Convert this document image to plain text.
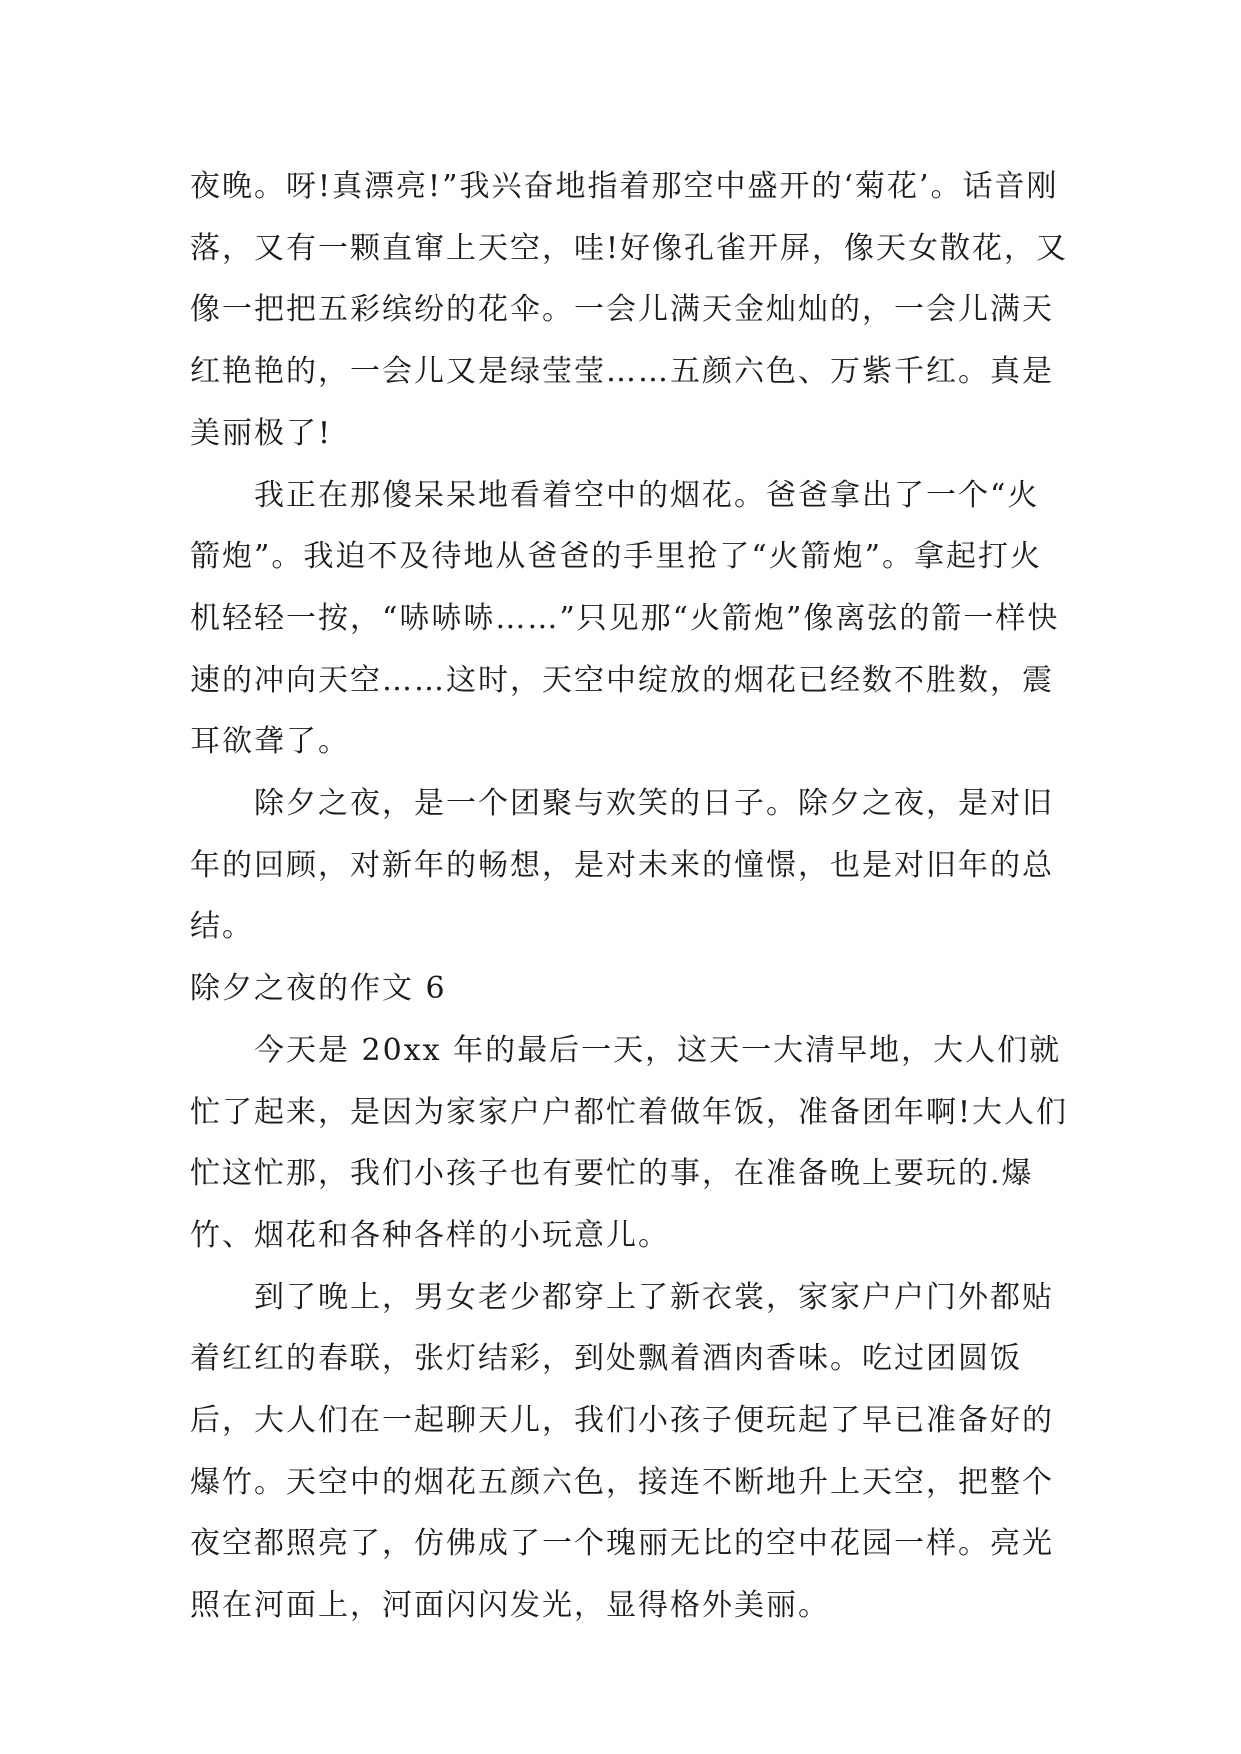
夜晚。呀!真漂亮!”我兴奋地指着那空中盛开的‘菊花’。话音刚落，又有一颗直窜上天空，哇!好像孔雀开屏，像天女散花，又像一把把五彩缤纷的花伞。一会儿满天金灿灿的，一会儿满天红艳艳的，一会儿又是绿莹莹……五颜六色、万紫千红。真是美丽极了!

我正在那傻呆呆地看着空中的烟花。爸爸拿出了一个“火箭炮”。我迫不及待地从爸爸的手里抢了“火箭炮”。拿起打火机轻轻一按，“哧哧哧……”只见那“火箭炮”像离弦的箭一样快速的冲向天空……这时，天空中绽放的烟花已经数不胜数，震耳欲聋了。

除夕之夜，是一个团聚与欢笑的日子。除夕之夜，是对旧年的回顾，对新年的畅想，是对未来的憧憬，也是对旧年的总结。

除夕之夜的作文 6

今天是 20xx 年的最后一天，这天一大清早地，大人们就忙了起来，是因为家家户户都忙着做年饭，准备团年啊!大人们忙这忙那，我们小孩子也有要忙的事，在准备晚上要玩的.爆竹、烟花和各种各样的小玩意儿。

到了晚上，男女老少都穿上了新衣裳，家家户户门外都贴着红红的春联，张灯结彩，到处飘着酒肉香味。吃过团圆饭后，大人们在一起聊天儿，我们小孩子便玩起了早已准备好的爆竹。天空中的烟花五颜六色，接连不断地升上天空，把整个夜空都照亮了，仿佛成了一个瑰丽无比的空中花园一样。亮光照在河面上，河面闪闪发光，显得格外美丽。
